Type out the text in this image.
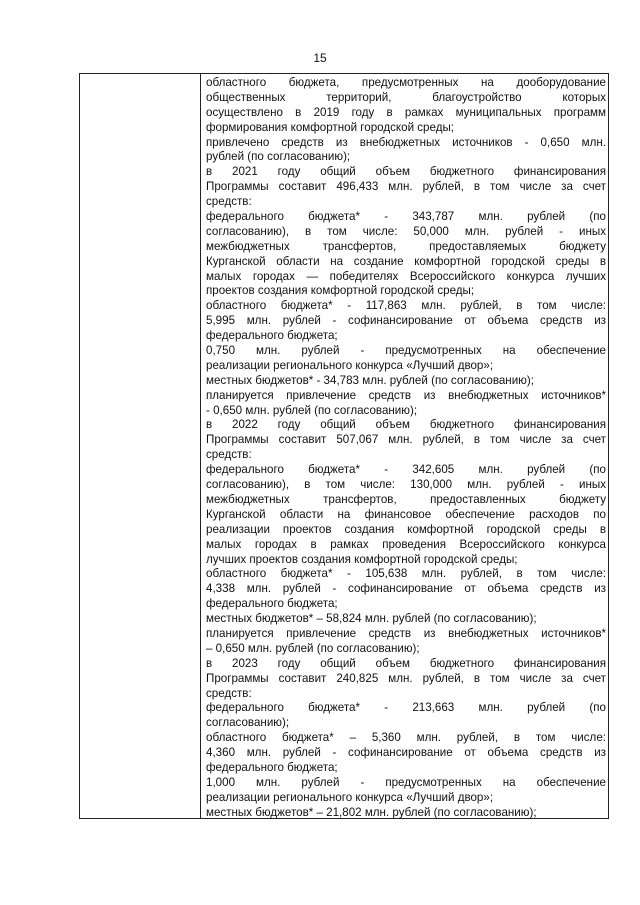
15
областного бюджета, предусмотренных на дооборудование
общественных территорий, благоустройство которых
осуществлено в 2019 году в рамках муниципальных программ
формирования комфортной городской среды;
привлечено средств из внебюджетных источников - 0,650 млн.
рублей (по согласованию);
в 2021 году общий объем бюджетного финансирования
Программы составит 496,433 млн. рублей, в том числе за счет
средств:
федерального бюджета* - 343,787 млн. рублей (по
согласованию), в том числе: 50,000 млн. рублей - иных
межбюджетных трансфертов, предоставляемых бюджету
Курганской области на создание комфортной городской среды в
малых городах — победителях Всероссийского конкурса лучших
проектов создания комфортной городской среды;
областного бюджета* - 117,863 млн. рублей, в том числе:
5,995 млн. рублей - софинансирование от объема средств из
федерального бюджета;
0,750 млн. рублей - предусмотренных на обеспечение
реализации регионального конкурса «Лучший двор»;
местных бюджетов* - 34,783 млн. рублей (по согласованию);
планируется привлечение средств из внебюджетных источников*
- 0,650 млн. рублей (по согласованию);
в 2022 году общий объем бюджетного финансирования
Программы составит 507,067 млн. рублей, в том числе за счет
средств:
федерального бюджета* - 342,605 млн. рублей (по
согласованию), в том числе: 130,000 млн. рублей - иных
межбюджетных трансфертов, предоставленных бюджету
Курганской области на финансовое обеспечение расходов по
реализации проектов создания комфортной городской среды в
малых городах в рамках проведения Всероссийского конкурса
лучших проектов создания комфортной городской среды;
областного бюджета* - 105,638 млн. рублей, в том числе:
4,338 млн. рублей - софинансирование от объема средств из
федерального бюджета;
местных бюджетов* – 58,824 млн. рублей (по согласованию);
планируется привлечение средств из внебюджетных источников*
– 0,650 млн. рублей (по согласованию);
в 2023 году общий объем бюджетного финансирования
Программы составит 240,825 млн. рублей, в том числе за счет
средств:
федерального бюджета* - 213,663 млн. рублей (по
согласованию);
областного бюджета* – 5,360 млн. рублей, в том числе:
4,360 млн. рублей - софинансирование от объема средств из
федерального бюджета;
1,000 млн. рублей - предусмотренных на обеспечение
реализации регионального конкурса «Лучший двор»;
местных бюджетов* – 21,802 млн. рублей (по согласованию);
